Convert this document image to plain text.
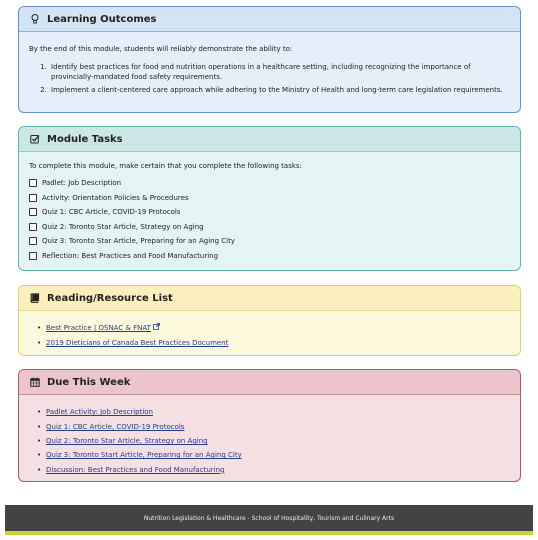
Learning Outcomes

By the end of this module, students will reliably demonstrate the ability to:

1. Identify best practices for food and nutrition operations in a healthcare setting, including recognizing the importance of provincially-mandated food safety requirements.
2. Implement a client-centered care approach while adhering to the Ministry of Health and long-term care legislation requirements.
Module Tasks

To complete this module, make certain that you complete the following tasks:

Padlet: Job Description
Activity: Orientation Policies & Procedures
Quiz 1: CBC Article, COVID-19 Protocols
Quiz 2: Toronto Star Article, Strategy on Aging
Quiz 3: Toronto Star Article, Preparing for an Aging City
Reflection: Best Practices and Food Manufacturing
Reading/Resource List
• Best Practice | OSNAC & FNAT
• 2019 Dieticians of Canada Best Practices Document
Due This Week
• Padlet Activity: Job Description
• Quiz 1: CBC Article, COVID-19 Protocols
• Quiz 2: Toronto Star Article, Strategy on Aging
• Quiz 3: Toronto Start Article, Preparing for an Aging City
• Discussion: Best Practices and Food Manufacturing
Nutrition Legislation & Healthcare - School of Hospitality, Tourism and Culinary Arts
